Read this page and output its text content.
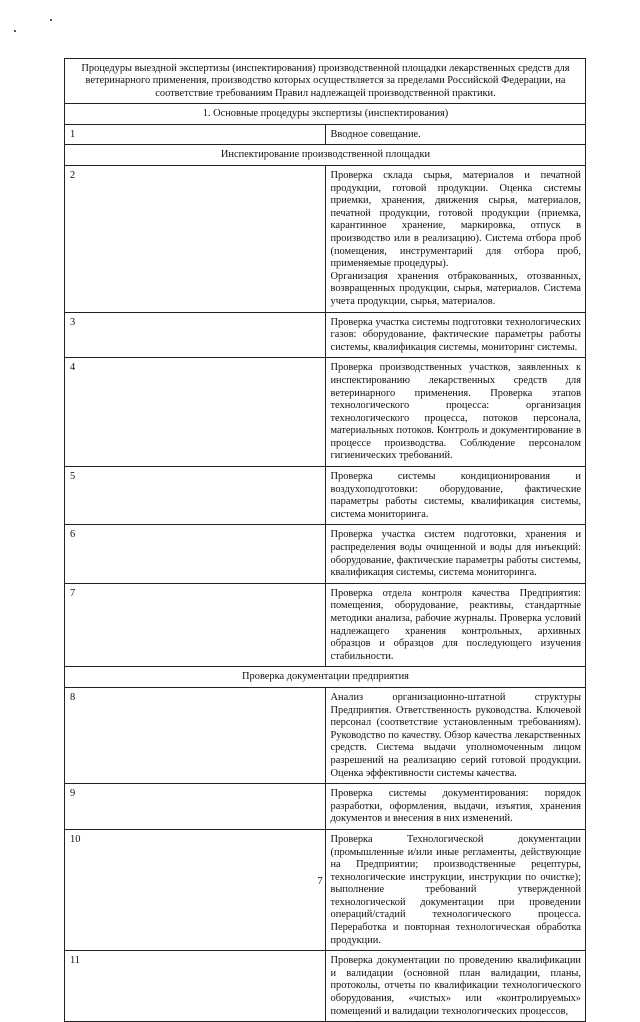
Процедуры выездной экспертизы (инспектирования) производственной площадки лекарственных средств для ветеринарного применения, производство которых осуществляется за пределами Российской Федерации, на соответствие требованиям Правил надлежащей производственной практики.	
1. Основные процедуры экспертизы (инспектирования)	
1	Вводное совещание.

Инспектирование производственной площадки	
2	Проверка склада сырья, материалов и печатной продукции, готовой продукции. Оценка системы приемки, хранения, движения сырья, материалов, печатной продукции, готовой продукции (приемка, карантинное хранение, маркировка, отпуск в производство или в реализацию). Система отбора проб (помещения, инструментарий для отбора проб, применяемые процедуры).

Организация хранения отбракованных, отозванных, возвращенных продукции, сырья, материалов. Система учета продукции, сырья, материалов.

3	Проверка участка системы подготовки технологических газов: оборудование, фактические параметры работы системы, квалификация системы, мониторинг системы.

4	Проверка производственных участков, заявленных к инспектированию лекарственных средств для ветеринарного применения. Проверка этапов технологического процесса: организация технологического процесса, потоков персонала, материальных потоков. Контроль и документирование в процессе производства. Соблюдение персоналом гигиенических требований.

5	Проверка системы кондиционирования и воздухоподготовки: оборудование, фактические параметры работы системы, квалификация системы, система мониторинга.

6	Проверка участка систем подготовки, хранения и распределения воды очищенной и воды для инъекций: оборудование, фактические параметры работы системы, квалификация системы, система мониторинга.

7	Проверка отдела контроля качества Предприятия: помещения, оборудование, реактивы, стандартные методики анализа, рабочие журналы. Проверка условий надлежащего хранения контрольных, архивных образцов и образцов для последующего изучения стабильности.

Проверка документации предприятия	
8	Анализ организационно-штатной структуры Предприятия. Ответственность руководства. Ключевой персонал (соответствие установленным требованиям). Руководство по качеству. Обзор качества лекарственных средств. Система выдачи уполномоченным лицом разрешений на реализацию серий готовой продукции. Оценка эффективности системы качества.

9	Проверка системы документирования: порядок разработки, оформления, выдачи, изъятия, хранения документов и внесения в них изменений.

10	Проверка Технологической документации (промышленные и/или иные регламенты, действующие на Предприятии; производственные рецептуры, технологические инструкции, инструкции по очистке); выполнение требований утвержденной технологической документации при проведении операций/стадий технологического процесса. Переработка и повторная технологическая обработка продукции.

11	Проверка документации по проведению квалификации и валидации (основной план валидации, планы, протоколы, отчеты по квалификации технологического оборудования, «чистых» или «контролируемых» помещений и валидации технологических процессов,

7
